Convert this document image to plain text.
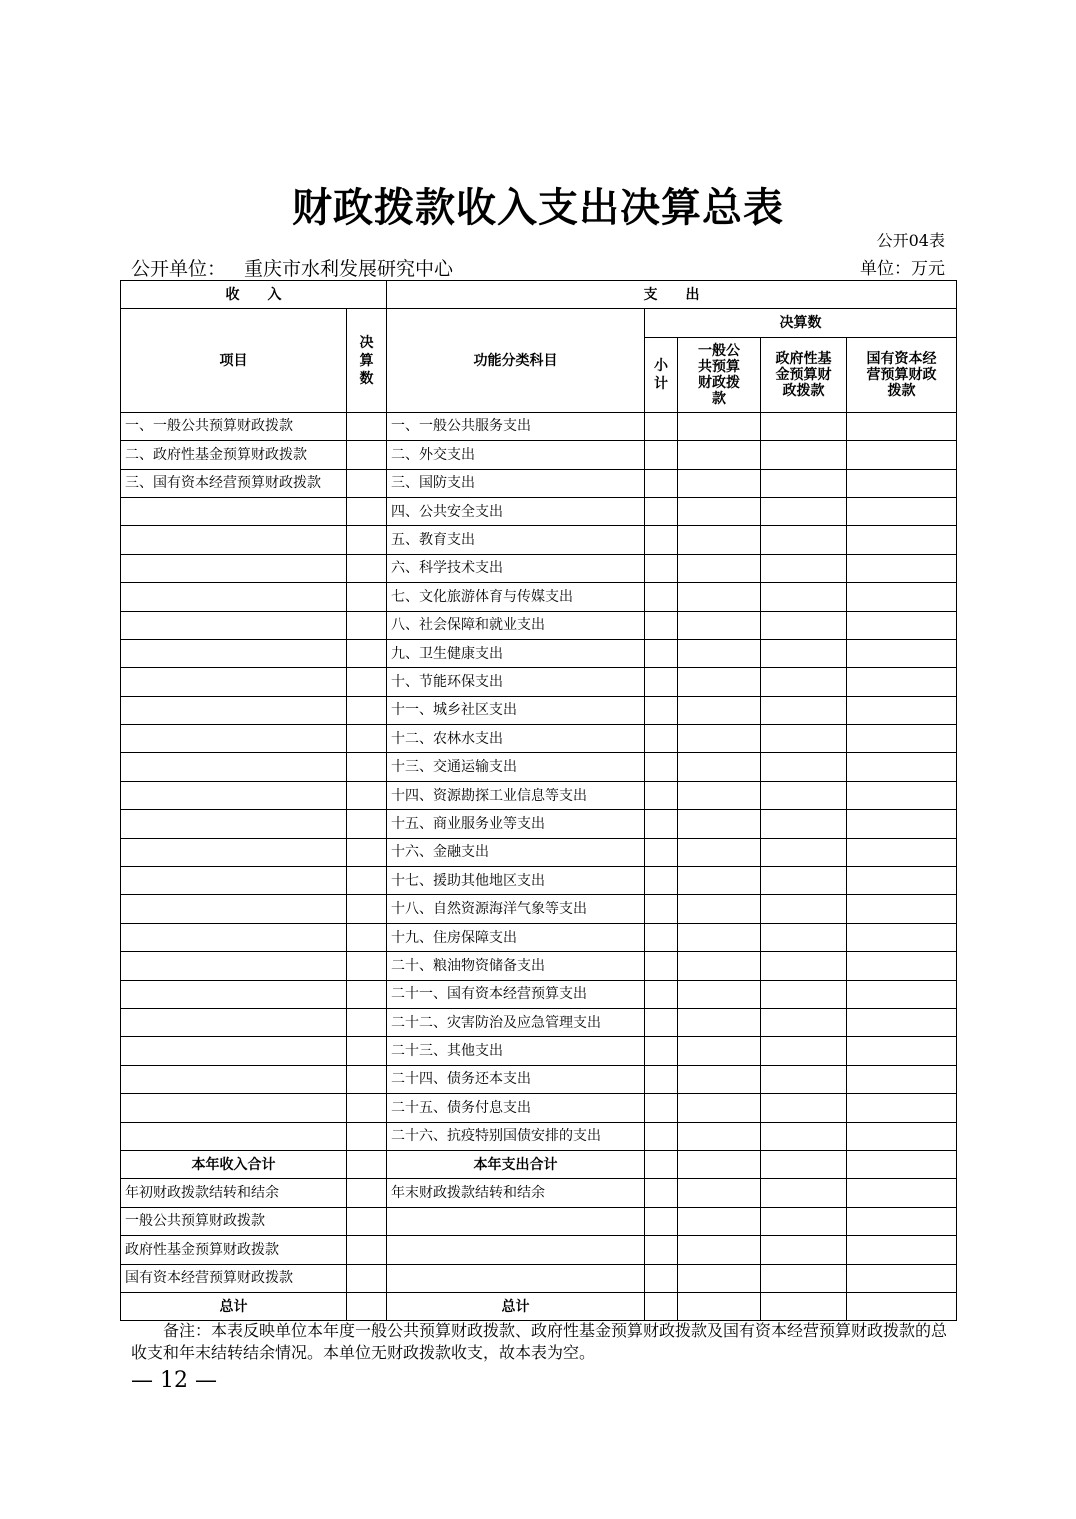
财政拨款收入支出决算总表
公开04表
公开单位： 重庆市水利发展研究中心	单位：万元
收　　入		支　　出				
项目	决算数	功能分类科目	决算数			

			小计	一般公共预算财政拨款	政府性基金预算财政拨款	国有资本经营预算财政拨款

一、一般公共预算财政拨款		一、一般公共服务支出				
二、政府性基金预算财政拨款		二、外交支出				
三、国有资本经营预算财政拨款		三、国防支出				
		四、公共安全支出				
		五、教育支出				
		六、科学技术支出				
		七、文化旅游体育与传媒支出				
		八、社会保障和就业支出				
		九、卫生健康支出				
		十、节能环保支出				
		十一、城乡社区支出				
		十二、农林水支出				
		十三、交通运输支出				
		十四、资源勘探工业信息等支出				
		十五、商业服务业等支出				
		十六、金融支出				
		十七、援助其他地区支出				
		十八、自然资源海洋气象等支出				
		十九、住房保障支出				
		二十、粮油物资储备支出				
		二十一、国有资本经营预算支出				
		二十二、灾害防治及应急管理支出				
		二十三、其他支出				
		二十四、债务还本支出				
		二十五、债务付息支出				
		二十六、抗疫特别国债安排的支出				
本年收入合计		本年支出合计				
年初财政拨款结转和结余		年末财政拨款结转和结余				
一般公共预算财政拨款						
政府性基金预算财政拨款						
国有资本经营预算财政拨款						
总计		总计				

备注：本表反映单位本年度一般公共预算财政拨款、政府性基金预算财政拨款及国有资本经营预算财政拨款的总收支和年末结转结余情况。本单位无财政拨款收支，故本表为空。

— 12 —
